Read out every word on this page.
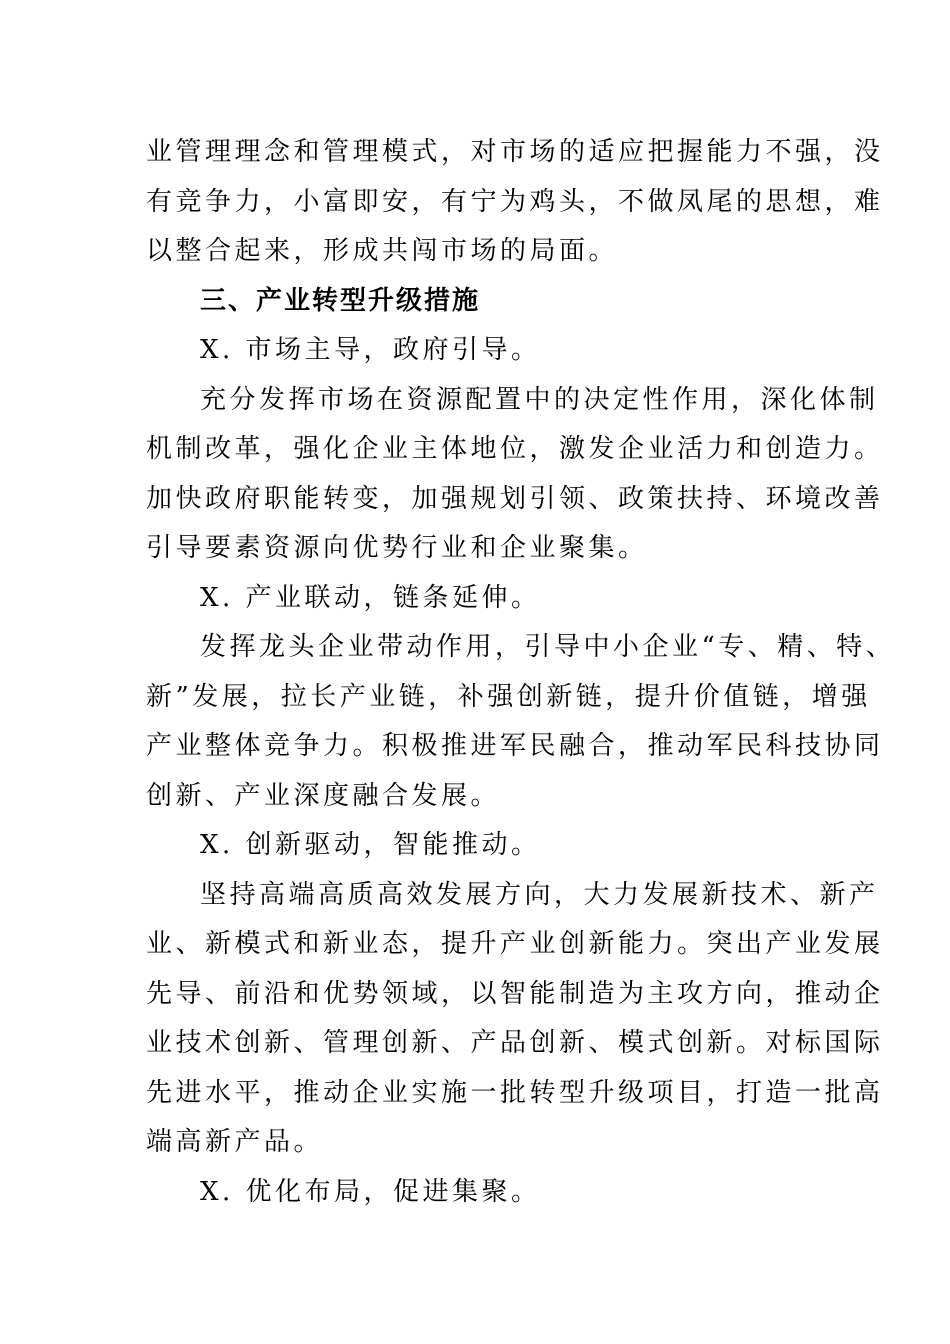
业管理理念和管理模式，对市场的适应把握能力不强，没
有竞争力，小富即安，有宁为鸡头，不做凤尾的思想，难
以整合起来，形成共闯市场的局面。
三、产业转型升级措施
X. 市场主导，政府引导。
充分发挥市场在资源配置中的决定性作用，深化体制
机制改革，强化企业主体地位，激发企业活力和创造力。
加快政府职能转变，加强规划引领、政策扶持、环境改善
引导要素资源向优势行业和企业聚集。
X. 产业联动，链条延伸。
发挥龙头企业带动作用，引导中小企业“专、精、特、
新”发展，拉长产业链，补强创新链，提升价值链，增强
产业整体竞争力。积极推进军民融合，推动军民科技协同
创新、产业深度融合发展。
X. 创新驱动，智能推动。
坚持高端高质高效发展方向，大力发展新技术、新产
业、新模式和新业态，提升产业创新能力。突出产业发展
先导、前沿和优势领域，以智能制造为主攻方向，推动企
业技术创新、管理创新、产品创新、模式创新。对标国际
先进水平，推动企业实施一批转型升级项目，打造一批高
端高新产品。
X. 优化布局，促进集聚。
